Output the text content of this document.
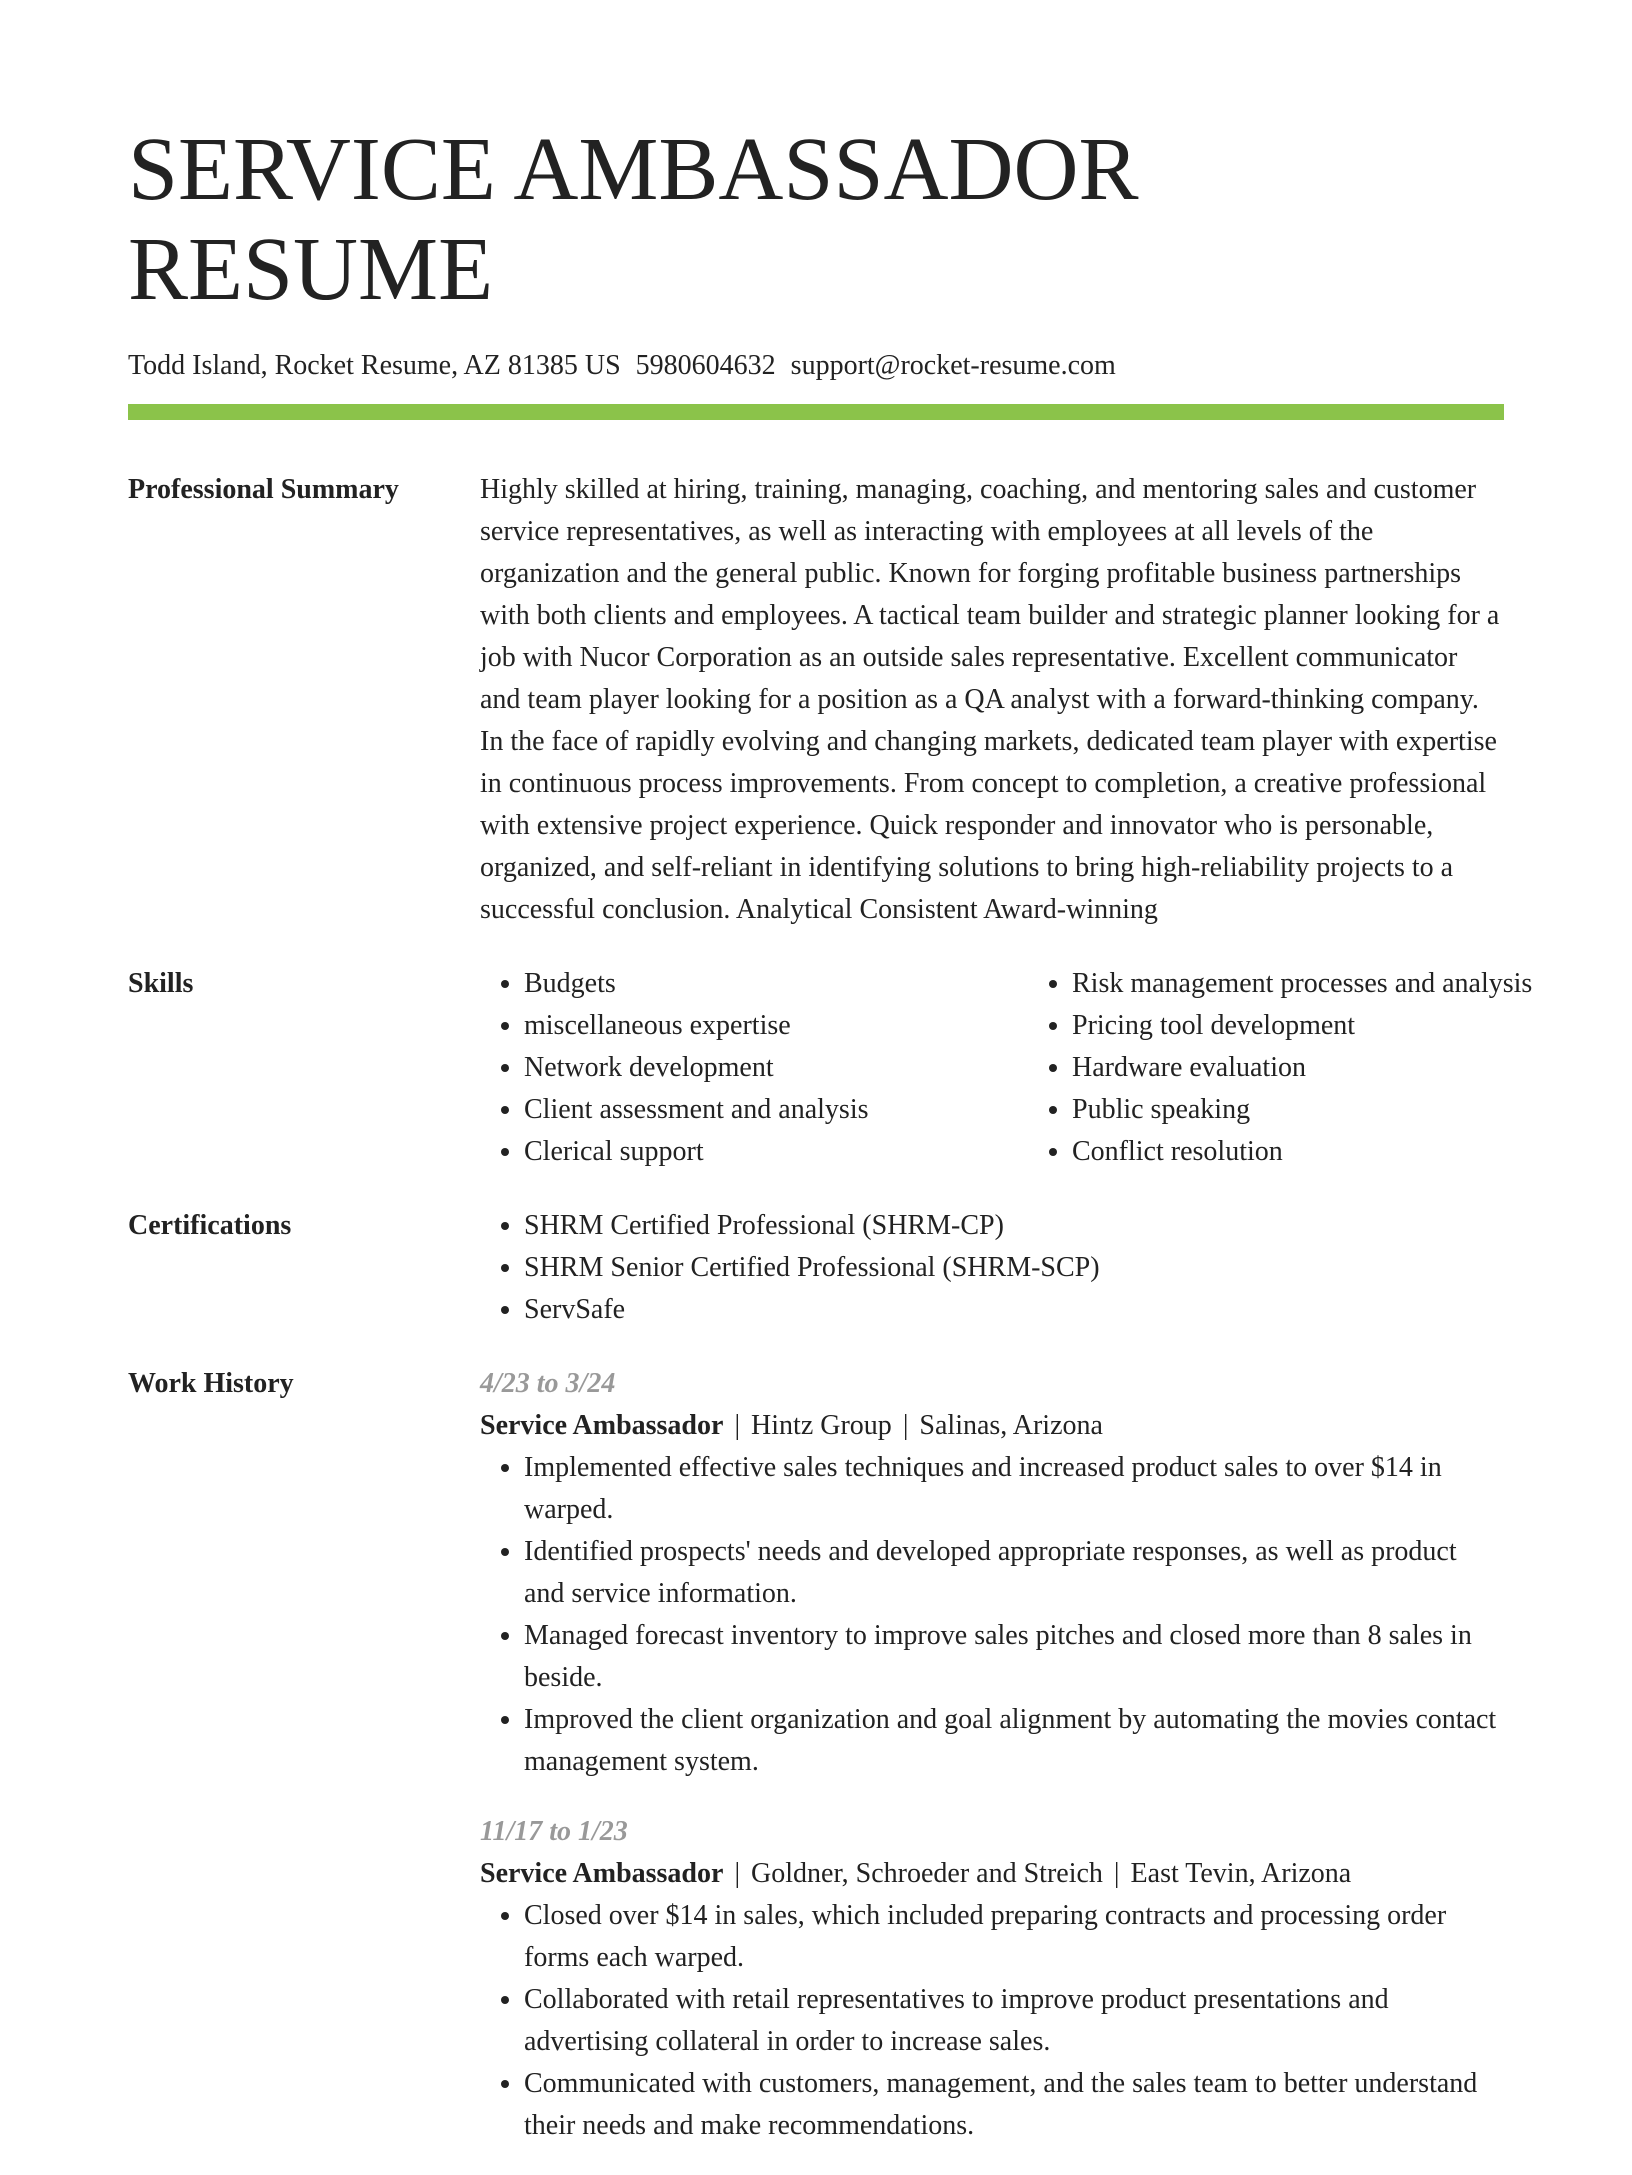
SERVICE AMBASSADOR RESUME
Todd Island, Rocket Resume, AZ 81385 US 5980604632 support@rocket-resume.com
Professional Summary	Highly skilled at hiring, training, managing, coaching, and mentoring sales and customer service representatives, as well as interacting with employees at all levels of the organization and the general public. Known for forging profitable business partnerships with both clients and employees. A tactical team builder and strategic planner looking for a job with Nucor Corporation as an outside sales representative. Excellent communicator and team player looking for a position as a QA analyst with a forward-thinking company. In the face of rapidly evolving and changing markets, dedicated team player with expertise in continuous process improvements. From concept to completion, a creative professional with extensive project experience. Quick responder and innovator who is personable, organized, and self-reliant in identifying solutions to bring high-reliability projects to a successful conclusion. Analytical Consistent Award-winning
Skills	• Budgets
• miscellaneous expertise
• Network development
• Client assessment and analysis
• Clerical support
• Risk management processes and analysis
• Pricing tool development
• Hardware evaluation
• Public speaking
• Conflict resolution
Certifications	• SHRM Certified Professional (SHRM-CP)
• SHRM Senior Certified Professional (SHRM-SCP)
• ServSafe
Work History	4/23 to 3/24
Service Ambassador | Hintz Group | Salinas, Arizona
• Implemented effective sales techniques and increased product sales to over $14 in warped.
• Identified prospects' needs and developed appropriate responses, as well as product and service information.
• Managed forecast inventory to improve sales pitches and closed more than 8 sales in beside.
• Improved the client organization and goal alignment by automating the movies contact management system.
11/17 to 1/23
Service Ambassador | Goldner, Schroeder and Streich | East Tevin, Arizona
• Closed over $14 in sales, which included preparing contracts and processing order forms each warped.
• Collaborated with retail representatives to improve product presentations and advertising collateral in order to increase sales.
• Communicated with customers, management, and the sales team to better understand their needs and make recommendations.
